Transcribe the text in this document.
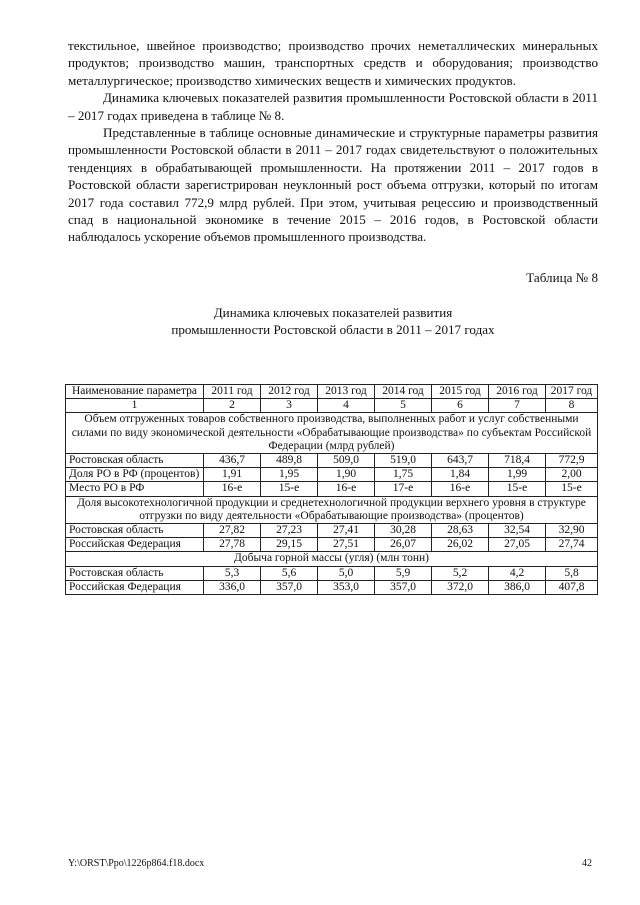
текстильное, швейное производство; производство прочих неметаллических минеральных продуктов; производство машин, транспортных средств и оборудования; производство металлургическое; производство химических веществ и химических продуктов.

Динамика ключевых показателей развития промышленности Ростовской области в 2011 – 2017 годах приведена в таблице № 8.

Представленные в таблице основные динамические и структурные параметры развития промышленности Ростовской области в 2011 – 2017 годах свидетельствуют о положительных тенденциях в обрабатывающей промышленности. На протяжении 2011 – 2017 годов в Ростовской области зарегистрирован неуклонный рост объема отгрузки, который по итогам 2017 года составил 772,9 млрд рублей. При этом, учитывая рецессию и производственный спад в национальной экономике в течение 2015 – 2016 годов, в Ростовской области наблюдалось ускорение объемов промышленного производства.

Таблица № 8
Динамика ключевых показателей развития
промышленности Ростовской области в 2011 – 2017 годах
Наименование параметра	2011 год	2012 год	2013 год	2014 год	2015 год	2016 год	2017 год
1	2	3	4	5	6	7	8
Объем отгруженных товаров собственного производства, выполненных работ и услуг собственными силами по виду экономической деятельности «Обрабатывающие производства» по субъектам Российской Федерации (млрд рублей)							
Ростовская область	436,7	489,8	509,0	519,0	643,7	718,4	772,9
Доля РО в РФ (процентов)	1,91	1,95	1,90	1,75	1,84	1,99	2,00
Место РО в РФ	16-е	15-е	16-е	17-е	16-е	15-е	15-е
Доля высокотехнологичной продукции и среднетехнологичной продукции верхнего уровня в структуре отгрузки по виду деятельности «Обрабатывающие производства» (процентов)							
Ростовская область	27,82	27,23	27,41	30,28	28,63	32,54	32,90
Российская Федерация	27,78	29,15	27,51	26,07	26,02	27,05	27,74
Добыча горной массы (угля) (млн тонн)							
Ростовская область	5,3	5,6	5,0	5,9	5,2	4,2	5,8
Российская Федерация	336,0	357,0	353,0	357,0	372,0	386,0	407,8
Y:\ORST\Ppo\1226p864.f18.docx	42
